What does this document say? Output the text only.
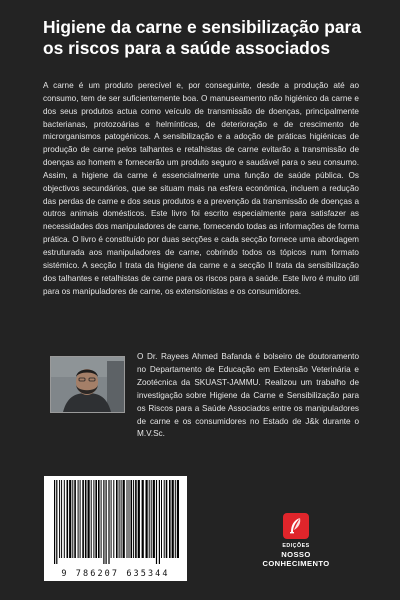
Higiene da carne e sensibilização para os riscos para a saúde associados

A carne é um produto perecível e, por conseguinte, desde a produção até ao consumo, tem de ser suficientemente boa. O manuseamento não higiénico da carne e dos seus produtos actua como veículo de transmissão de doenças, principalmente bacterianas, protozoárias e helmínticas, de deterioração e de crescimento de microrganismos patogénicos. A sensibilização e a adoção de práticas higiénicas de produção de carne pelos talhantes e retalhistas de carne evitarão a transmissão de doenças ao homem e fornecerão um produto seguro e saudável para o seu consumo. Assim, a higiene da carne é essencialmente uma função de saúde pública. Os objectivos secundários, que se situam mais na esfera económica, incluem a redução das perdas de carne e dos seus produtos e a prevenção da transmissão de doenças a outros animais domésticos. Este livro foi escrito especialmente para satisfazer as necessidades dos manipuladores de carne, fornecendo todas as informações de forma prática. O livro é constituído por duas secções e cada secção fornece uma abordagem estruturada aos manipuladores de carne, cobrindo todos os tópicos num formato sistémico. A secção I trata da higiene da carne e a secção II trata da sensibilização dos talhantes e retalhistas de carne para os riscos para a saúde. Este livro é muito útil para os manipuladores de carne, os extensionistas e os consumidores.

O Dr. Rayees Ahmed Bafanda é bolseiro de doutoramento no Departamento de Educação em Extensão Veterinária e Zootécnica da SKUAST-JAMMU. Realizou um trabalho de investigação sobre Higiene da Carne e Sensibilização para os Riscos para a Saúde Associados entre os manipuladores de carne e os consumidores no Estado de J&k durante o M.V.Sc.

9 786207 635344
EDIÇÕES
NOSSO CONHECIMENTO
